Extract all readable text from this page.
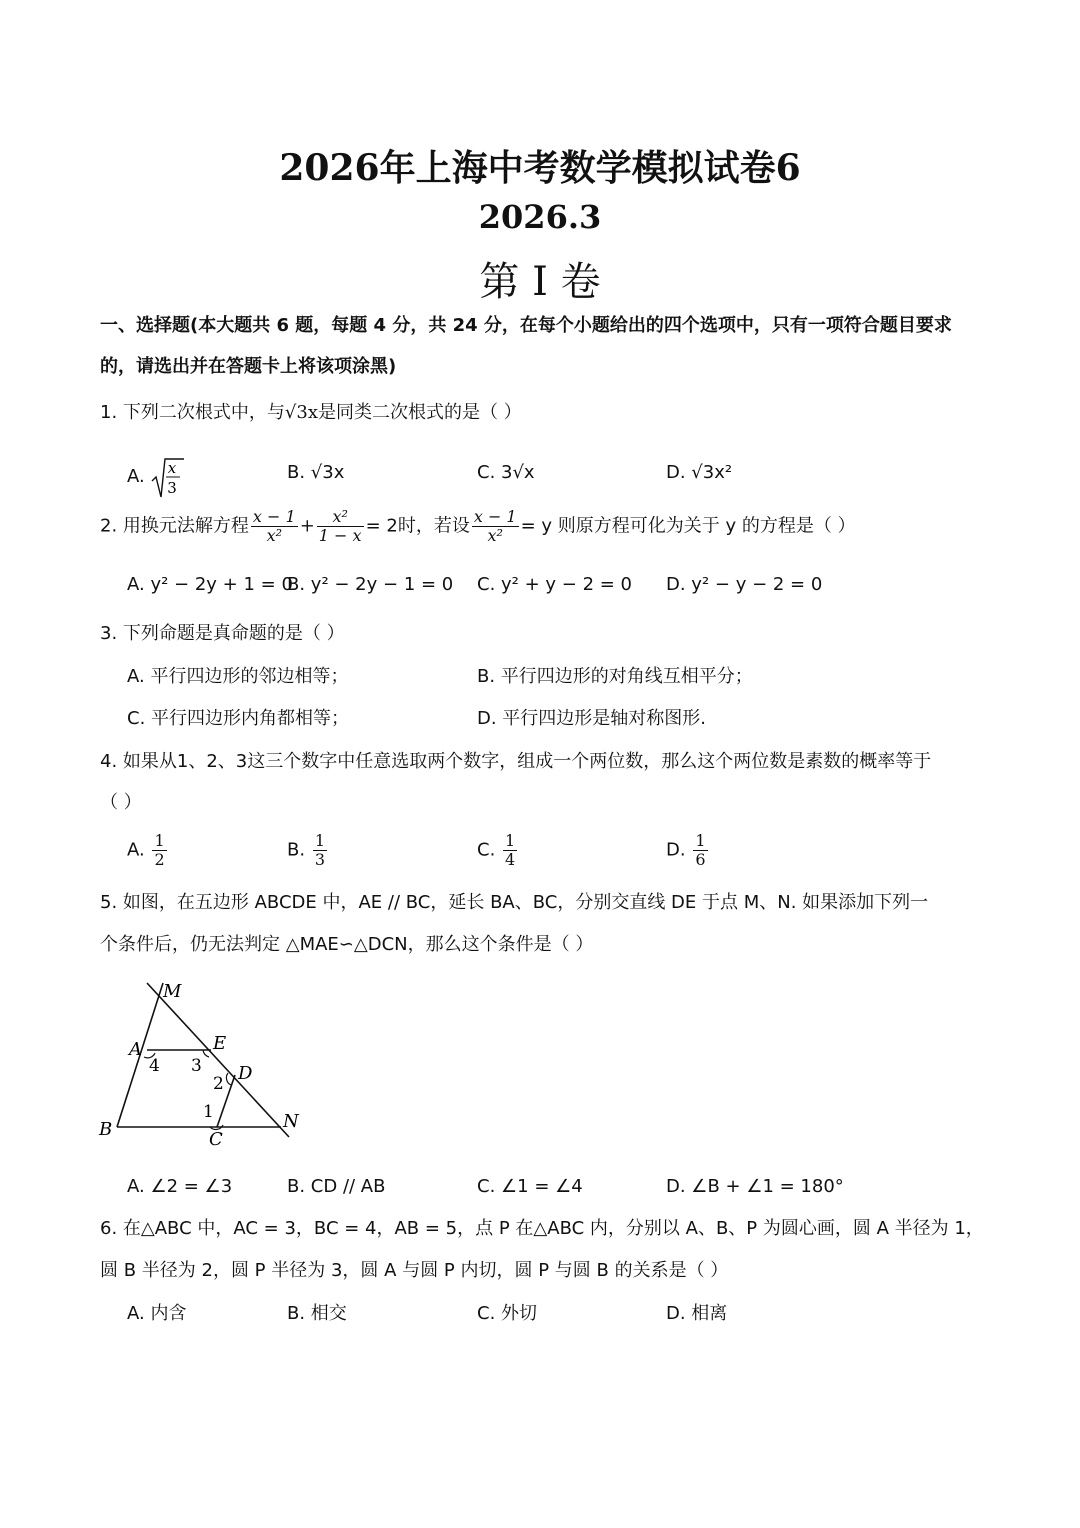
2026年上海中考数学模拟试卷6
2026.3
第 I 卷
一、选择题(本大题共 6 题，每题 4 分，共 24 分，在每个小题给出的四个选项中，只有一项符合题目要求
的，请选出并在答题卡上将该项涂黑)
1. 下列二次根式中，与√3x是同类二次根式的是（ ）
A. x
3
B. √3x	C. 3√x	D. √3x²
2. 用换元法解方程 $\frac{x - 1}{\text{x²}} + \frac{\text{x²}}{1 - x} = 2$时，若设 $\frac{x - 1}{\text{x²}} = y$ 则原方程可化为关于 y 的方程是（ ）
A. y² − 2y + 1 = 0
B. y² − 2y − 1 = 0 C. y² + y − 2 = 0 D. y² − y − 2 = 0
3. 下列命题是真命题的是（ ）
A. 平行四边形的邻边相等；	B. 平行四边形的对角线互相平分；
C. 平行四边形内角都相等；	D. 平行四边形是轴对称图形.
4. 如果从1、2、3这三个数字中任意选取两个数字，组成一个两位数，那么这个两位数是素数的概率等于
（ ）
A. $\frac{1}{2}$	B. $\frac{1}{3}$	C. $\frac{1}{4}$	D. $\frac{1}{6}$
5. 如图，在五边形 ABCDE 中，AE // BC，延长 BA、BC，分别交直线 DE 于点 M、N. 如果添加下列一
个条件后，仍无法判定 △MAE∽△DCN，那么这个条件是（ ）
M
A	E
D
B	C
N
4 3
2
1
A. ∠2 = ∠3	B. CD // AB	C. ∠1 = ∠4	D. ∠B + ∠1 = 180°
6. 在△ABC 中，AC = 3，BC = 4，AB = 5，点 P 在△ABC 内，分别以 A、B、P 为圆心画，圆 A 半径为 1，
圆 B 半径为 2，圆 P 半径为 3，圆 A 与圆 P 内切，圆 P 与圆 B 的关系是（ ）
A. 内含	B. 相交	C. 外切	D. 相离
